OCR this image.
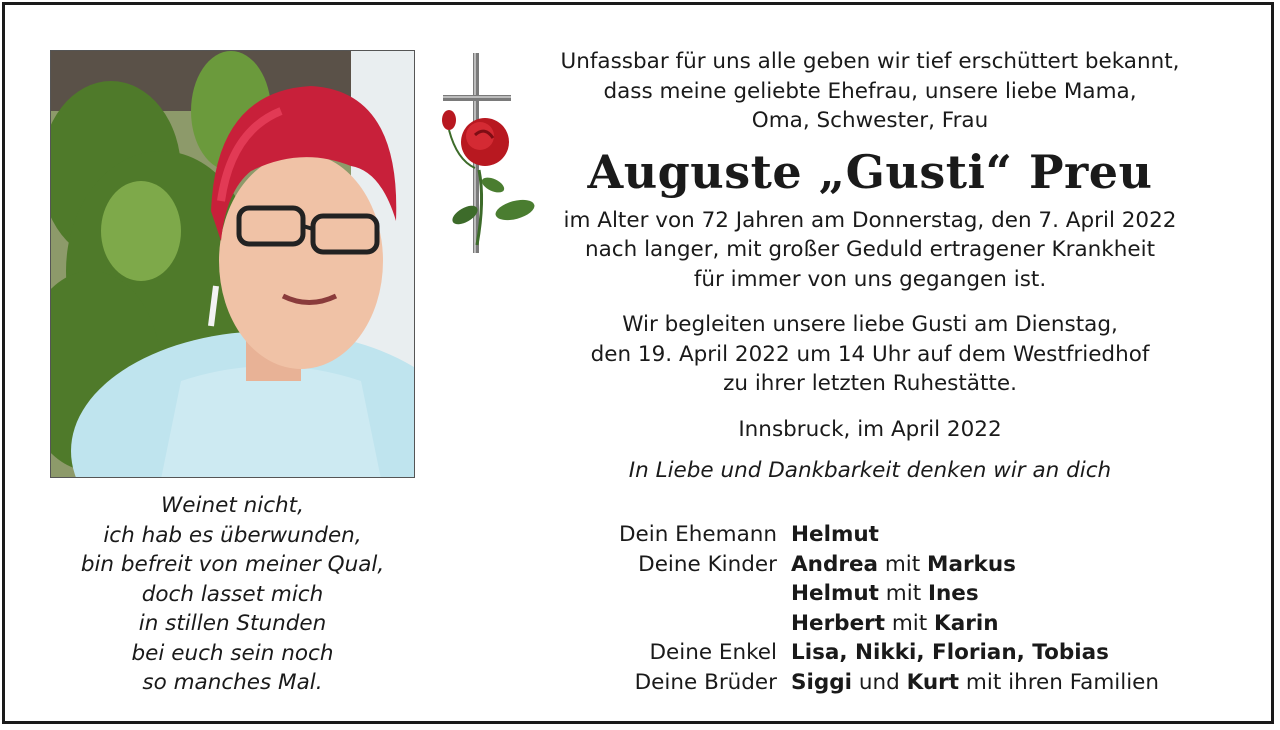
Weinet nicht,
ich hab es überwunden,
bin befreit von meiner Qual,
doch lasset mich
in stillen Stunden
bei euch sein noch
so manches Mal.
Unfassbar für uns alle geben wir tief erschüttert bekannt,
dass meine geliebte Ehefrau, unsere liebe Mama,
Oma, Schwester, Frau
Auguste „Gusti“ Preu
im Alter von 72 Jahren am Donnerstag, den 7. April 2022
nach langer, mit großer Geduld ertragener Krankheit
für immer von uns gegangen ist.
Wir begleiten unsere liebe Gusti am Dienstag,
den 19. April 2022 um 14 Uhr auf dem Westfriedhof
zu ihrer letzten Ruhestätte.
Innsbruck, im April 2022
In Liebe und Dankbarkeit denken wir an dich
Dein Ehemann Helmut
Deine Kinder Andrea mit Markus
Helmut mit Ines
Herbert mit Karin
Deine Enkel Lisa, Nikki, Florian, Tobias
Deine Brüder Siggi und Kurt mit ihren Familien
